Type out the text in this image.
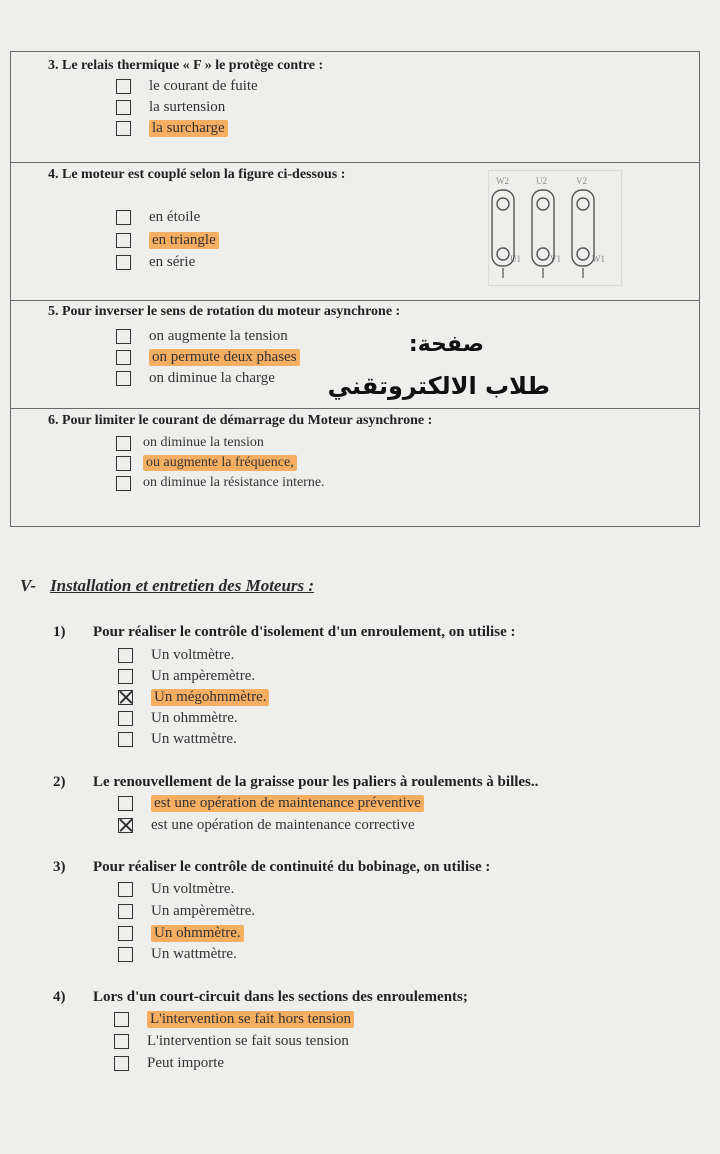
3. Le relais thermique « F » le protège contre :
le courant de fuite
la surtension
la surcharge
4. Le moteur est couplé selon la figure ci-dessous :
en étoile
en triangle
en série
W2	U2	V2
U1	V1	W1
5. Pour inverser le sens de rotation du moteur asynchrone :
on augmente la tension
on permute deux phases
on diminue la charge
صفحة:
طلاب الالكتروتقني
6. Pour limiter le courant de démarrage du Moteur asynchrone :
on diminue la tension
ou augmente la fréquence,
on diminue la résistance interne.
V- Installation et entretien des Moteurs :
1) Pour réaliser le contrôle d'isolement d'un enroulement, on utilise :
Un voltmètre.
Un ampèremètre.
Un mégohmmètre.
Un ohmmètre.
Un wattmètre.
2) Le renouvellement de la graisse pour les paliers à roulements à billes..
est une opération de maintenance préventive
est une opération de maintenance corrective
3) Pour réaliser le contrôle de continuité du bobinage, on utilise :
Un voltmètre.
Un ampèremètre.
Un ohmmètre.
Un wattmètre.
4) Lors d'un court-circuit dans les sections des enroulements;
L'intervention se fait hors tension
L'intervention se fait sous tension
Peut importe
